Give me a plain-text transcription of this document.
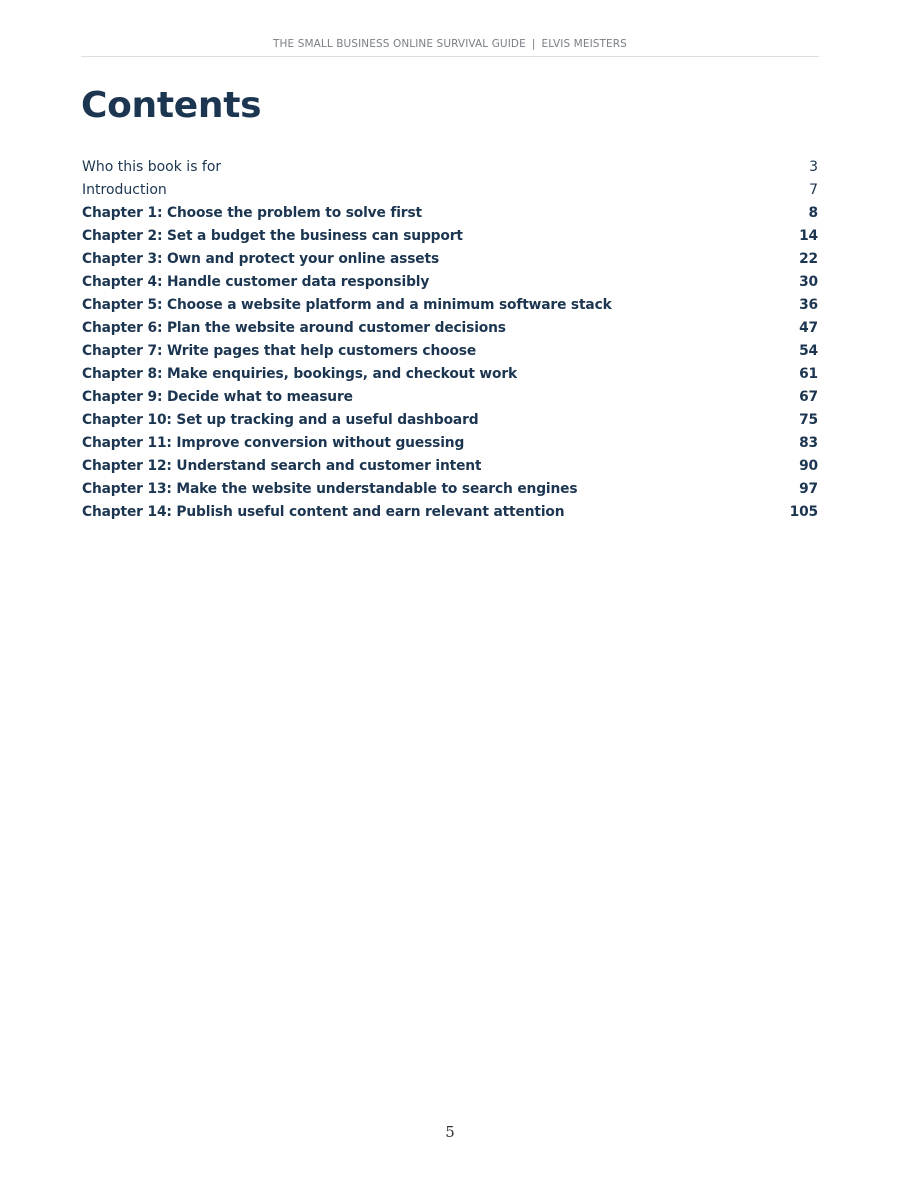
THE SMALL BUSINESS ONLINE SURVIVAL GUIDE | ELVIS MEISTERS
Contents
Who this book is for	3
Introduction	7
Chapter 1: Choose the problem to solve first	8
Chapter 2: Set a budget the business can support	14
Chapter 3: Own and protect your online assets	22
Chapter 4: Handle customer data responsibly	30
Chapter 5: Choose a website platform and a minimum software stack	36
Chapter 6: Plan the website around customer decisions	47
Chapter 7: Write pages that help customers choose	54
Chapter 8: Make enquiries, bookings, and checkout work	61
Chapter 9: Decide what to measure	67
Chapter 10: Set up tracking and a useful dashboard	75
Chapter 11: Improve conversion without guessing	83
Chapter 12: Understand search and customer intent	90
Chapter 13: Make the website understandable to search engines	97
Chapter 14: Publish useful content and earn relevant attention	105
5
